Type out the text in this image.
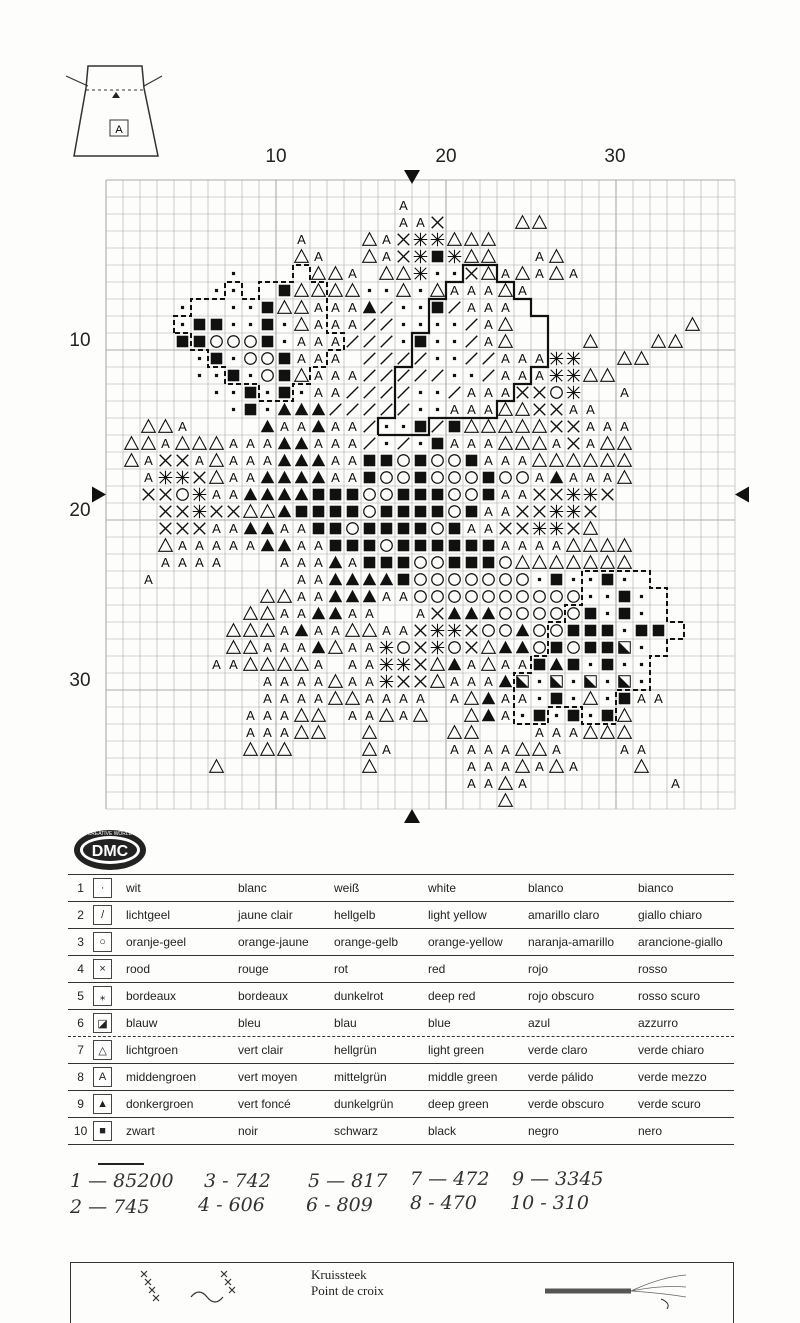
A
10	20	30
10
20
30
A
A A
A	A
A	A	A
A	A A A
A A A A
A A A	A A A
A A A	A
A A A	A
A A A	A A A
A A A	A A A
A A	A A A	A
A A A	A A
A	A A A A	A A A
A	A A A	A A A	A A A	A A
A	A A A A	A A	A A A
A	A A	A A	A A A A
A A	A A
A A
A A	A A	A A
A A A A A	A A	A A A A
A A A A	A A A A
A	A A
A A	A A
A A	A A	A
A A A	A A
A A A	A A
A A	A A A	A A A
A A A A A A	A A A
A A A A	A A A A A	A A	A A
A A A	A A A	A
A A A	A A A
A	A A A A	A	A A
A A A A A
A A A	A
DMC
CREATIVE WORLD
1	·	wit	blanc	weiß	white	blanco	bianco
2	/	lichtgeel	jaune clair	hellgelb	light yellow	amarillo claro	giallo chiaro
3	○	oranje-geel	orange-jaune	orange-gelb	orange-yellow	naranja-amarillo	arancione-giallo
4	×	rood	rouge	rot	red	rojo	rosso
5	⁎	bordeaux	bordeaux	dunkelrot	deep red	rojo obscuro	rosso scuro
6	◪	blauw	bleu	blau	blue	azul	azzurro
7	△	lichtgroen	vert clair	hellgrün	light green	verde claro	verde chiaro
8	A	middengroen	vert moyen	mittelgrün	middle green	verde pálido	verde mezzo
9	▲	donkergroen	vert foncé	dunkelgrün	deep green	verde obscuro	verde scuro
10	■	zwart	noir	schwarz	black	negro	nero
1 — 85200 3 - 742 5 — 817 7 — 472 9 — 3345
2 — 745	4 - 606 6 - 809 8 - 470 10 - 310
Kruissteek
Point de croix
